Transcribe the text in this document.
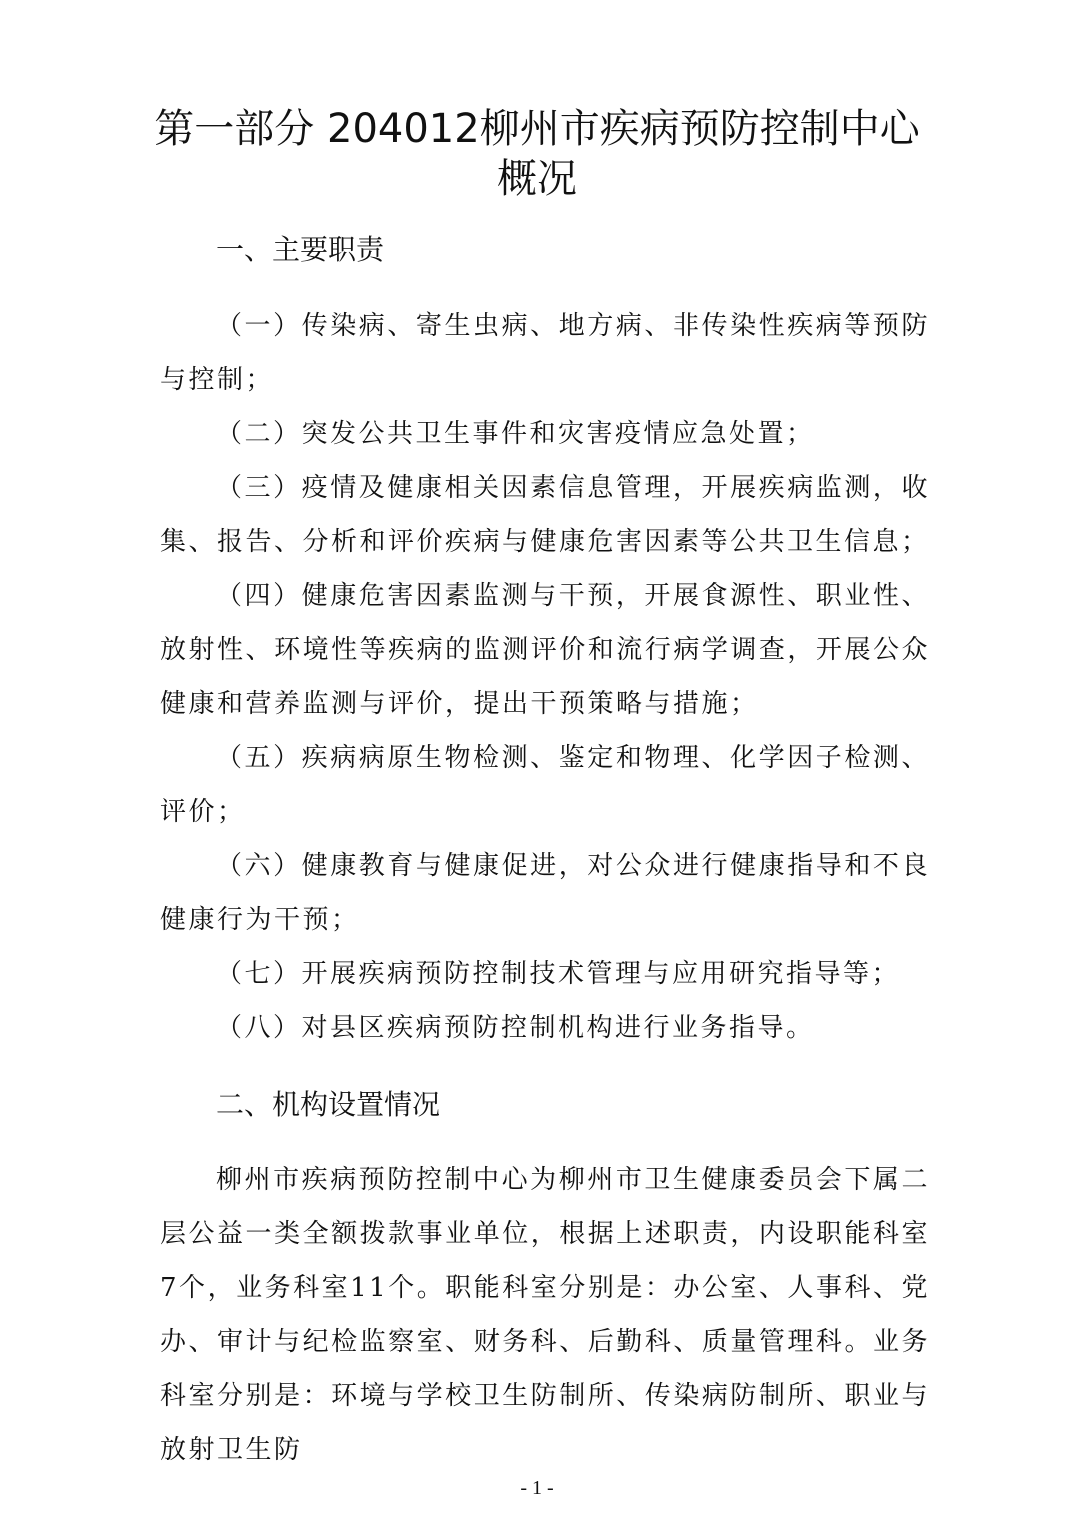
第一部分 204012柳州市疾病预防控制中心
概况
一、主要职责

（一）传染病、寄生虫病、地方病、非传染性疾病等预防与控制；

（二）突发公共卫生事件和灾害疫情应急处置；

（三）疫情及健康相关因素信息管理，开展疾病监测，收集、报告、分析和评价疾病与健康危害因素等公共卫生信息；

（四）健康危害因素监测与干预，开展食源性、职业性、放射性、环境性等疾病的监测评价和流行病学调查，开展公众健康和营养监测与评价，提出干预策略与措施；

（五）疾病病原生物检测、鉴定和物理、化学因子检测、评价；

（六）健康教育与健康促进，对公众进行健康指导和不良健康行为干预；

（七）开展疾病预防控制技术管理与应用研究指导等；

（八）对县区疾病预防控制机构进行业务指导。

二、机构设置情况

柳州市疾病预防控制中心为柳州市卫生健康委员会下属二层公益一类全额拨款事业单位，根据上述职责，内设职能科室7个，业务科室11个。职能科室分别是：办公室、人事科、党办、审计与纪检监察室、财务科、后勤科、质量管理科。业务科室分别是：环境与学校卫生防制所、传染病防制所、职业与放射卫生防

- 1 -
